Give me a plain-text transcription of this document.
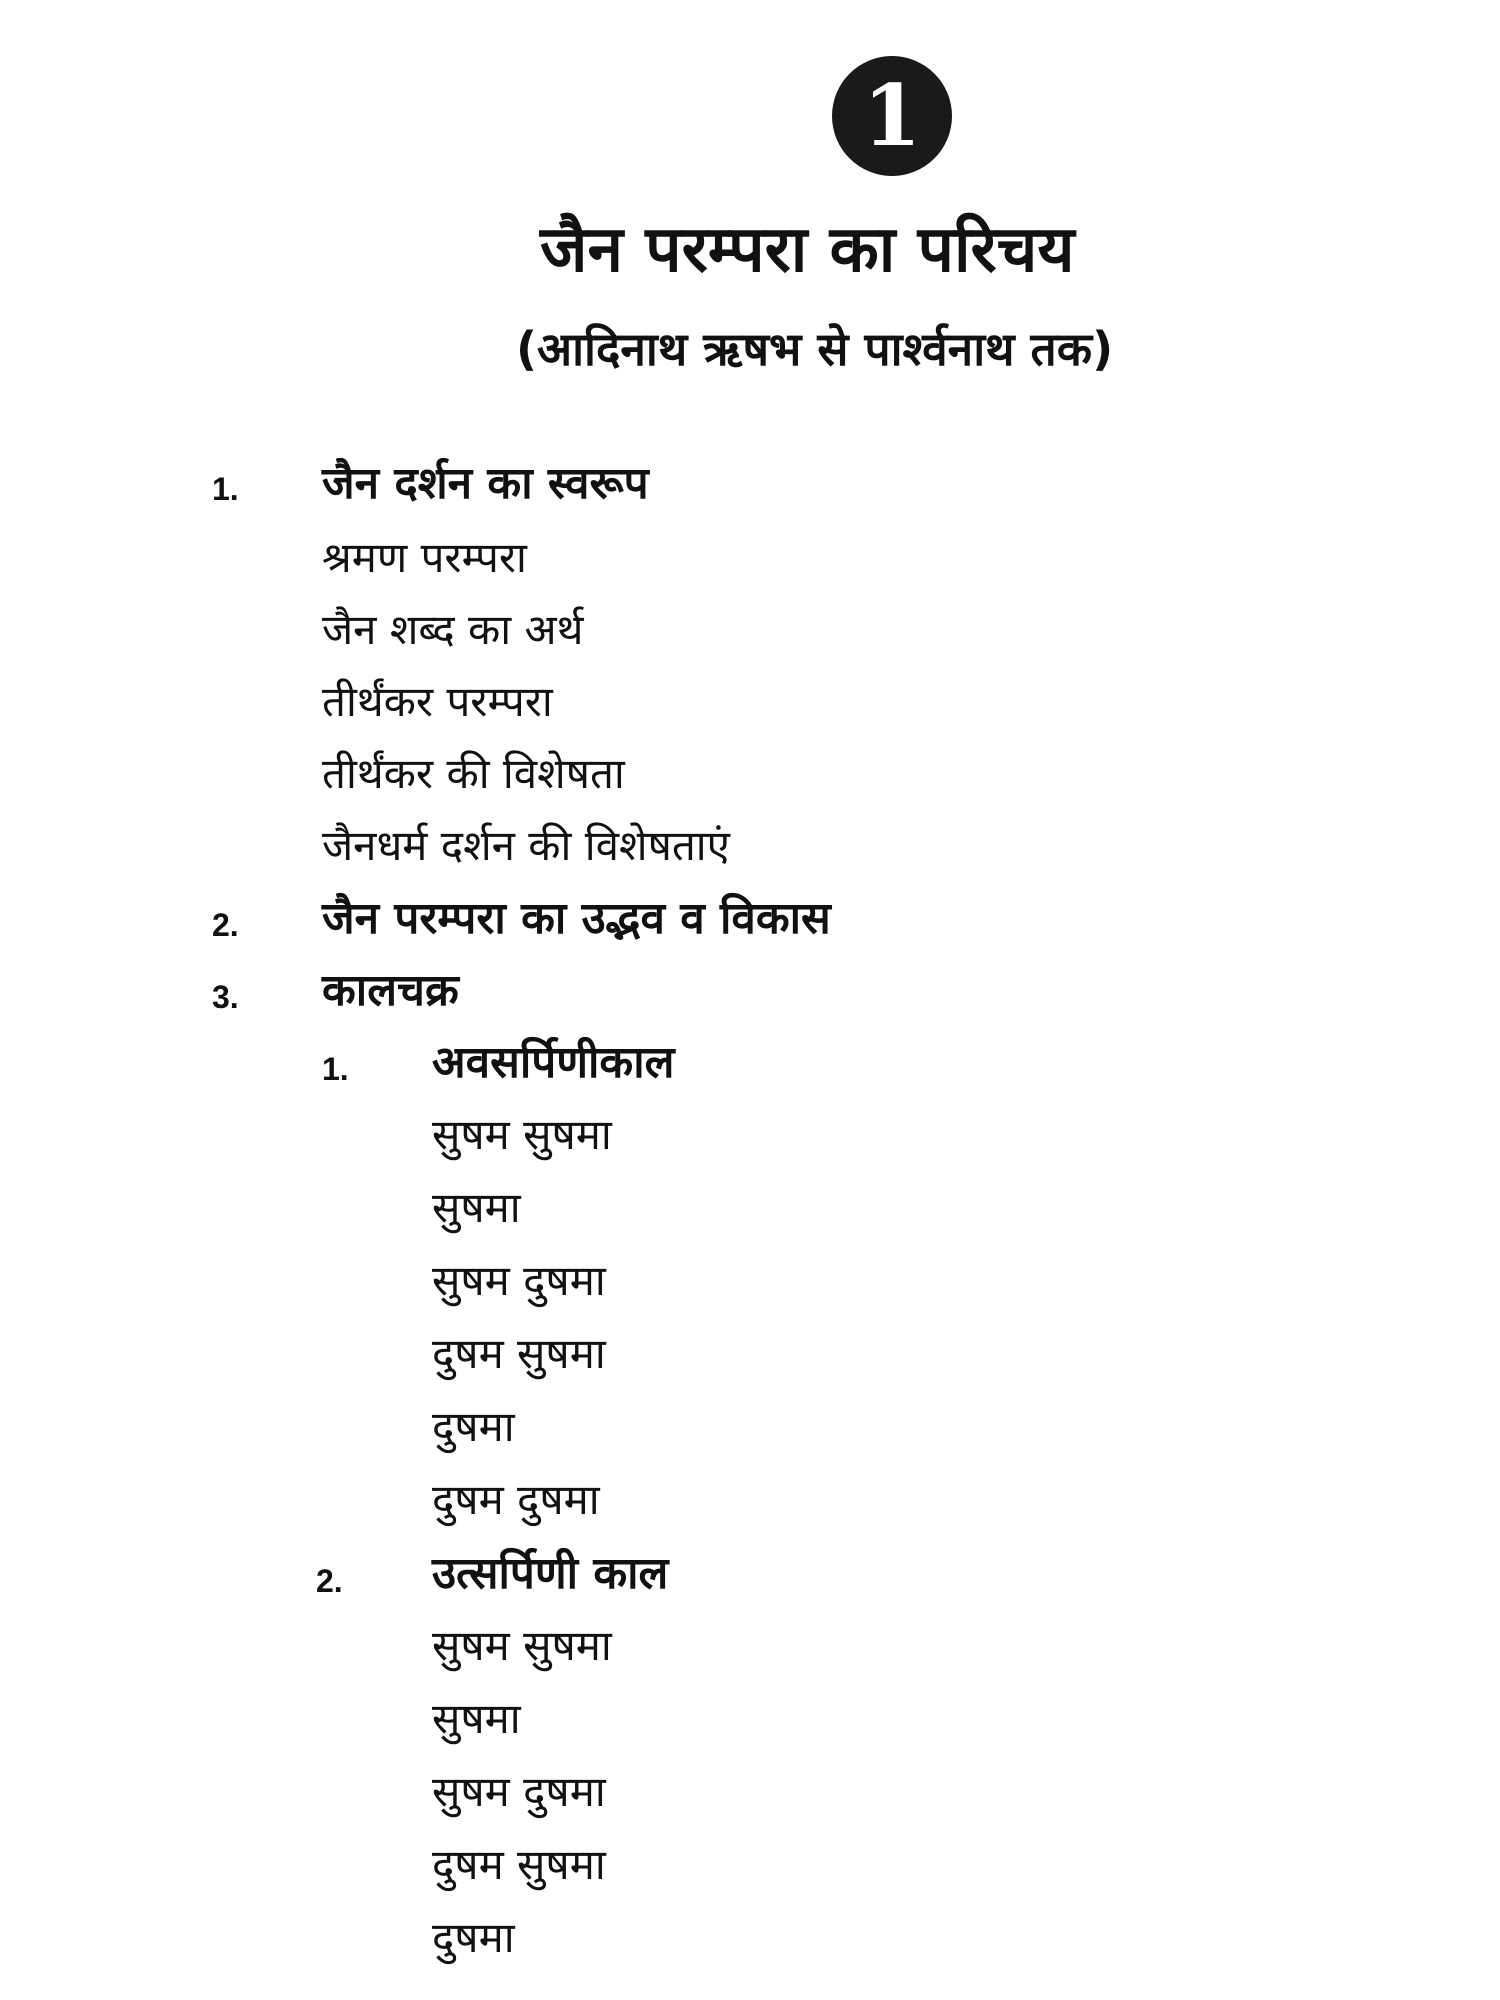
1
जैन परम्परा का परिचय
(आदिनाथ ऋषभ से पार्श्वनाथ तक)
1. जैन दर्शन का स्वरूप
श्रमण परम्परा
जैन शब्द का अर्थ
तीर्थंकर परम्परा
तीर्थंकर की विशेषता
जैनधर्म दर्शन की विशेषताएं
2. जैन परम्परा का उद्भव व विकास
3. कालचक्र
1. अवसर्पिणीकाल
सुषम सुषमा
सुषमा
सुषम दुषमा
दुषम सुषमा
दुषमा
दुषम दुषमा
2. उत्सर्पिणी काल
सुषम सुषमा
सुषमा
सुषम दुषमा
दुषम सुषमा
दुषमा
